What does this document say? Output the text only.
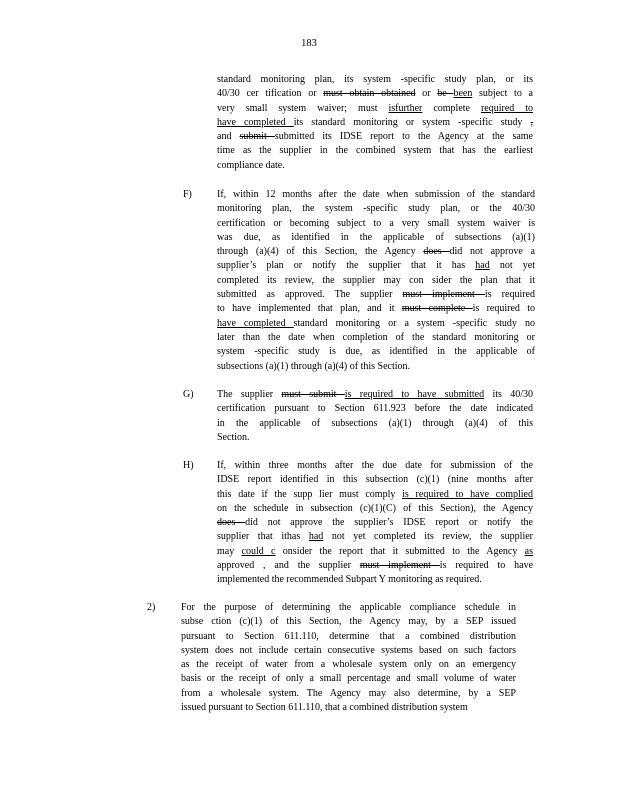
183
standard monitoring plan, its system -specific study plan, or its
40/30 cer tification or must obtain obtained or be been subject to a
very small system waiver; must isfurther complete required to
have completed its standard monitoring or system -specific study ,
and submit submitted its IDSE report to the Agency at the same
time as the supplier in the combined system that has the earliest
compliance date.
F)	If, within 12 months after the date when submission of the standard
monitoring plan, the system -specific study plan, or the 40/30
certification or becoming subject to a very small system waiver is
was due, as identified in the applicable of subsections (a)(1)
through (a)(4) of this Section, the Agency does did not approve a
supplier’s plan or notify the supplier that it has had not yet
completed its review, the supplier may con sider the plan that it
submitted as approved. The supplier must implement is required
to have implemented that plan, and it must complete is required to
have completed standard monitoring or a system -specific study no
later than the date when completion of the standard monitoring or
system -specific study is due, as identified in the applicable of
subsections (a)(1) through (a)(4) of this Section.
G) The supplier must submit is required to have submitted its 40/30
certification pursuant to Section 611.923 before the date indicated
in the applicable of subsections (a)(1) through (a)(4) of this
Section.
H) If, within three months after the due date for submission of the
IDSE report identified in this subsection (c)(1) (nine months after
this date if the supp lier must comply is required to have complied
on the schedule in subsection (c)(1)(C) of this Section), the Agency
does did not approve the supplier’s IDSE report or notify the
supplier that ithas had not yet completed its review, the supplier
may could c onsider the report that it submitted to the Agency as
approved , and the supplier must implement is required to have
implemented the recommended Subpart Y monitoring as required.
2)	For the purpose of determining the applicable compliance schedule in
subse ction (c)(1) of this Section, the Agency may, by a SEP issued
pursuant to Section 611.110, determine that a combined distribution
system does not include certain consecutive systems based on such factors
as the receipt of water from a wholesale system only on an emergency
basis or the receipt of only a small percentage and small volume of water
from a wholesale system. The Agency may also determine, by a SEP
issued pursuant to Section 611.110, that a combined distribution system
